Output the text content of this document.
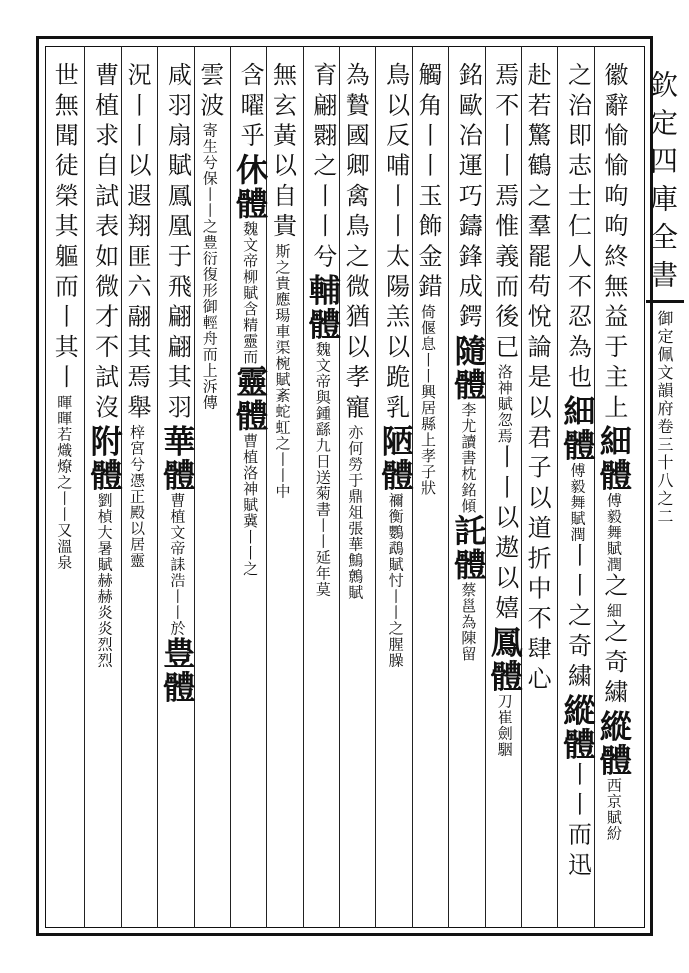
欽定四庫全書
御定佩文韻府卷三十八之二
徽辭愉愉呴呴終無益于主上細體傅毅舞賦潤之細之奇繍縱體西京賦紛
之治即志士仁人不忍為也細體傅毅舞賦潤丨丨之奇繍縱體丨丨而迅
赴若驚鶴之羣罷苟悅論是以君子以道折中不肆心
焉不丨丨焉惟義而後已洛神賦忽焉丨丨以遨以嬉鳳體刀崔劍駰
銘歐冶運巧鑄鋒成鍔隨體李尤讀書枕銘傾託體蔡邕為陳留
觸角丨丨玉飾金錯倚偃息丨丨興居縣上孝子狀
鳥以反哺丨丨太陽羔以跪乳陋體禰衡鸚鵡賦忖丨丨之腥臊
為贄國卿禽鳥之微猶以孝寵亦何勞于鼎俎張華鷦鷯賦
育翩翾之丨丨兮輔體魏文帝與鍾繇九日送菊書丨丨延年莫
無玄黃以自貴斯之貴應瑒車渠椀賦紊蛇虹之丨丨中
含曜乎休體魏文帝柳賦含精靈而靈體曹植洛神賦冀丨丨之
雲波寄生兮保丨丨之豊衍復形御輕舟而上泝傳
咸羽扇賦鳳凰于飛翩翩其羽華體曹植文帝誄浩丨丨於豊體
況丨丨以遐翔匪六翮其焉舉梓宮兮憑正殿以居靈
曹植求自試表如微才不試沒附體劉楨大暑賦赫赫炎炎烈烈
世無聞徒榮其軀而丨其丨暉暉若熾燎之丨丨又溫泉
